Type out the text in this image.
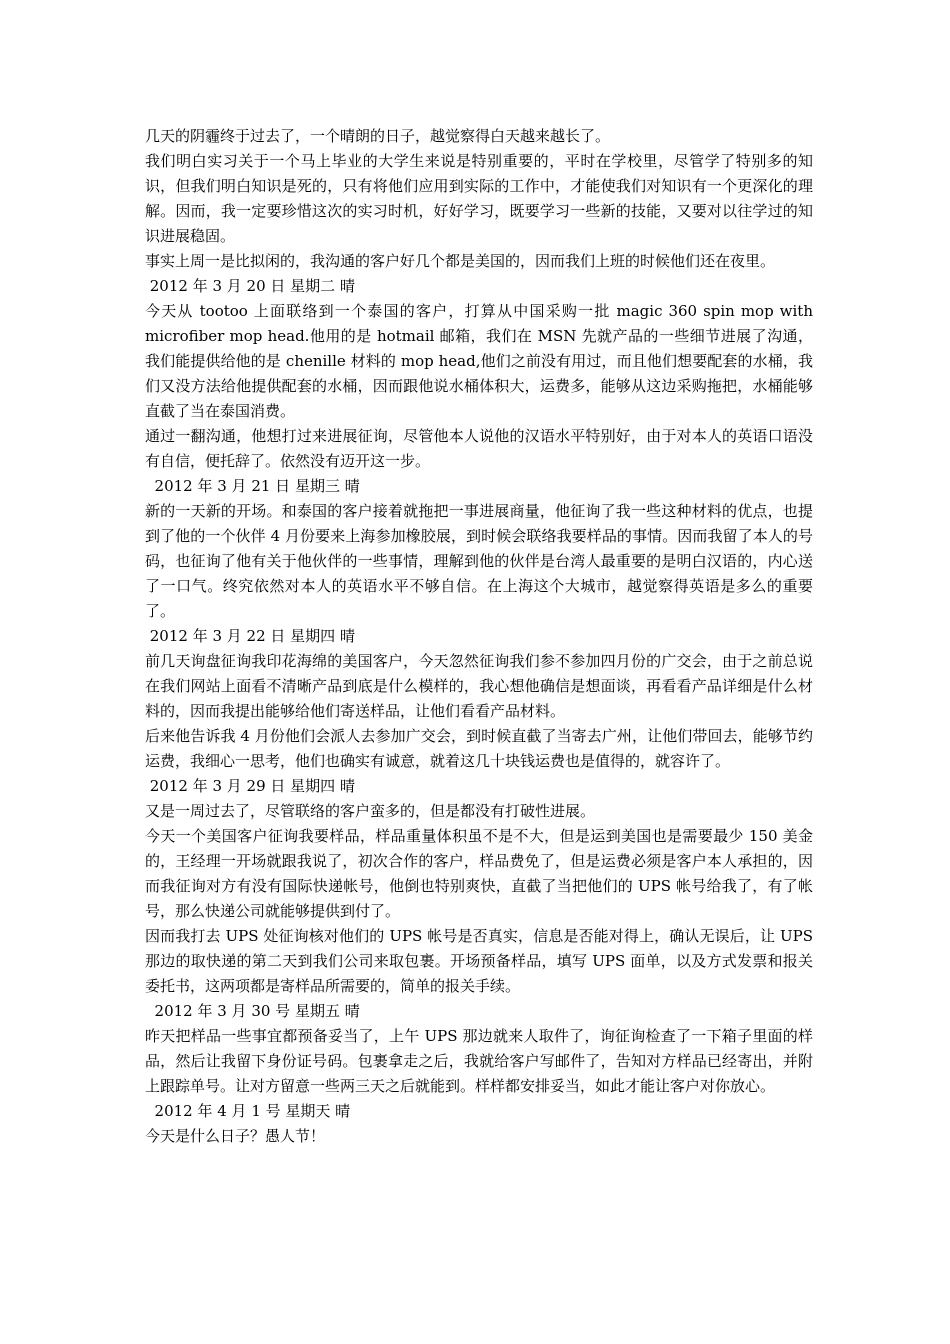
几天的阴霾终于过去了，一个晴朗的日子，越觉察得白天越来越长了。

我们明白实习关于一个马上毕业的大学生来说是特别重要的，平时在学校里，尽管学了特别多的知识，但我们明白知识是死的，只有将他们应用到实际的工作中，才能使我们对知识有一个更深化的理解。因而，我一定要珍惜这次的实习时机，好好学习，既要学习一些新的技能，又要对以往学过的知识进展稳固。

事实上周一是比拟闲的，我沟通的客户好几个都是美国的，因而我们上班的时候他们还在夜里。

2012 年 3 月 20 日 星期二 晴

今天从 tootoo 上面联络到一个泰国的客户，打算从中国采购一批 magic 360 spin mop with microfiber mop head.他用的是 hotmail 邮箱，我们在 MSN 先就产品的一些细节进展了沟通，我们能提供给他的是 chenille 材料的 mop head,他们之前没有用过，而且他们想要配套的水桶，我们又没方法给他提供配套的水桶，因而跟他说水桶体积大，运费多，能够从这边采购拖把，水桶能够直截了当在泰国消费。

通过一翻沟通，他想打过来进展征询，尽管他本人说他的汉语水平特别好，由于对本人的英语口语没有自信，便托辞了。依然没有迈开这一步。

2012 年 3 月 21 日 星期三 晴

新的一天新的开场。和泰国的客户接着就拖把一事进展商量，他征询了我一些这种材料的优点，也提到了他的一个伙伴 4 月份要来上海参加橡胶展，到时候会联络我要样品的事情。因而我留了本人的号码，也征询了他有关于他伙伴的一些事情，理解到他的伙伴是台湾人最重要的是明白汉语的，内心送了一口气。终究依然对本人的英语水平不够自信。在上海这个大城市，越觉察得英语是多么的重要了。

2012 年 3 月 22 日 星期四 晴

前几天询盘征询我印花海绵的美国客户，今天忽然征询我们参不参加四月份的广交会，由于之前总说在我们网站上面看不清晰产品到底是什么模样的，我心想他确信是想面谈，再看看产品详细是什么材料的，因而我提出能够给他们寄送样品，让他们看看产品材料。

后来他告诉我 4 月份他们会派人去参加广交会，到时候直截了当寄去广州，让他们带回去，能够节约运费，我细心一思考，他们也确实有诚意，就着这几十块钱运费也是值得的，就容许了。

2012 年 3 月 29 日 星期四 晴

又是一周过去了，尽管联络的客户蛮多的，但是都没有打破性进展。

今天一个美国客户征询我要样品，样品重量体积虽不是不大，但是运到美国也是需要最少 150 美金的，王经理一开场就跟我说了，初次合作的客户，样品费免了，但是运费必须是客户本人承担的，因而我征询对方有没有国际快递帐号，他倒也特别爽快，直截了当把他们的 UPS 帐号给我了，有了帐号，那么快递公司就能够提供到付了。

因而我打去 UPS 处征询核对他们的 UPS 帐号是否真实，信息是否能对得上，确认无误后，让 UPS 那边的取快递的第二天到我们公司来取包裹。开场预备样品，填写 UPS 面单，以及方式发票和报关委托书，这两项都是寄样品所需要的，简单的报关手续。

2012 年 3 月 30 号 星期五 晴

昨天把样品一些事宜都预备妥当了，上午 UPS 那边就来人取件了，询征询检查了一下箱子里面的样品，然后让我留下身份证号码。包裹拿走之后，我就给客户写邮件了，告知对方样品已经寄出，并附上跟踪单号。让对方留意一些两三天之后就能到。样样都安排妥当，如此才能让客户对你放心。

2012 年 4 月 1 号 星期天 晴

今天是什么日子？愚人节！
